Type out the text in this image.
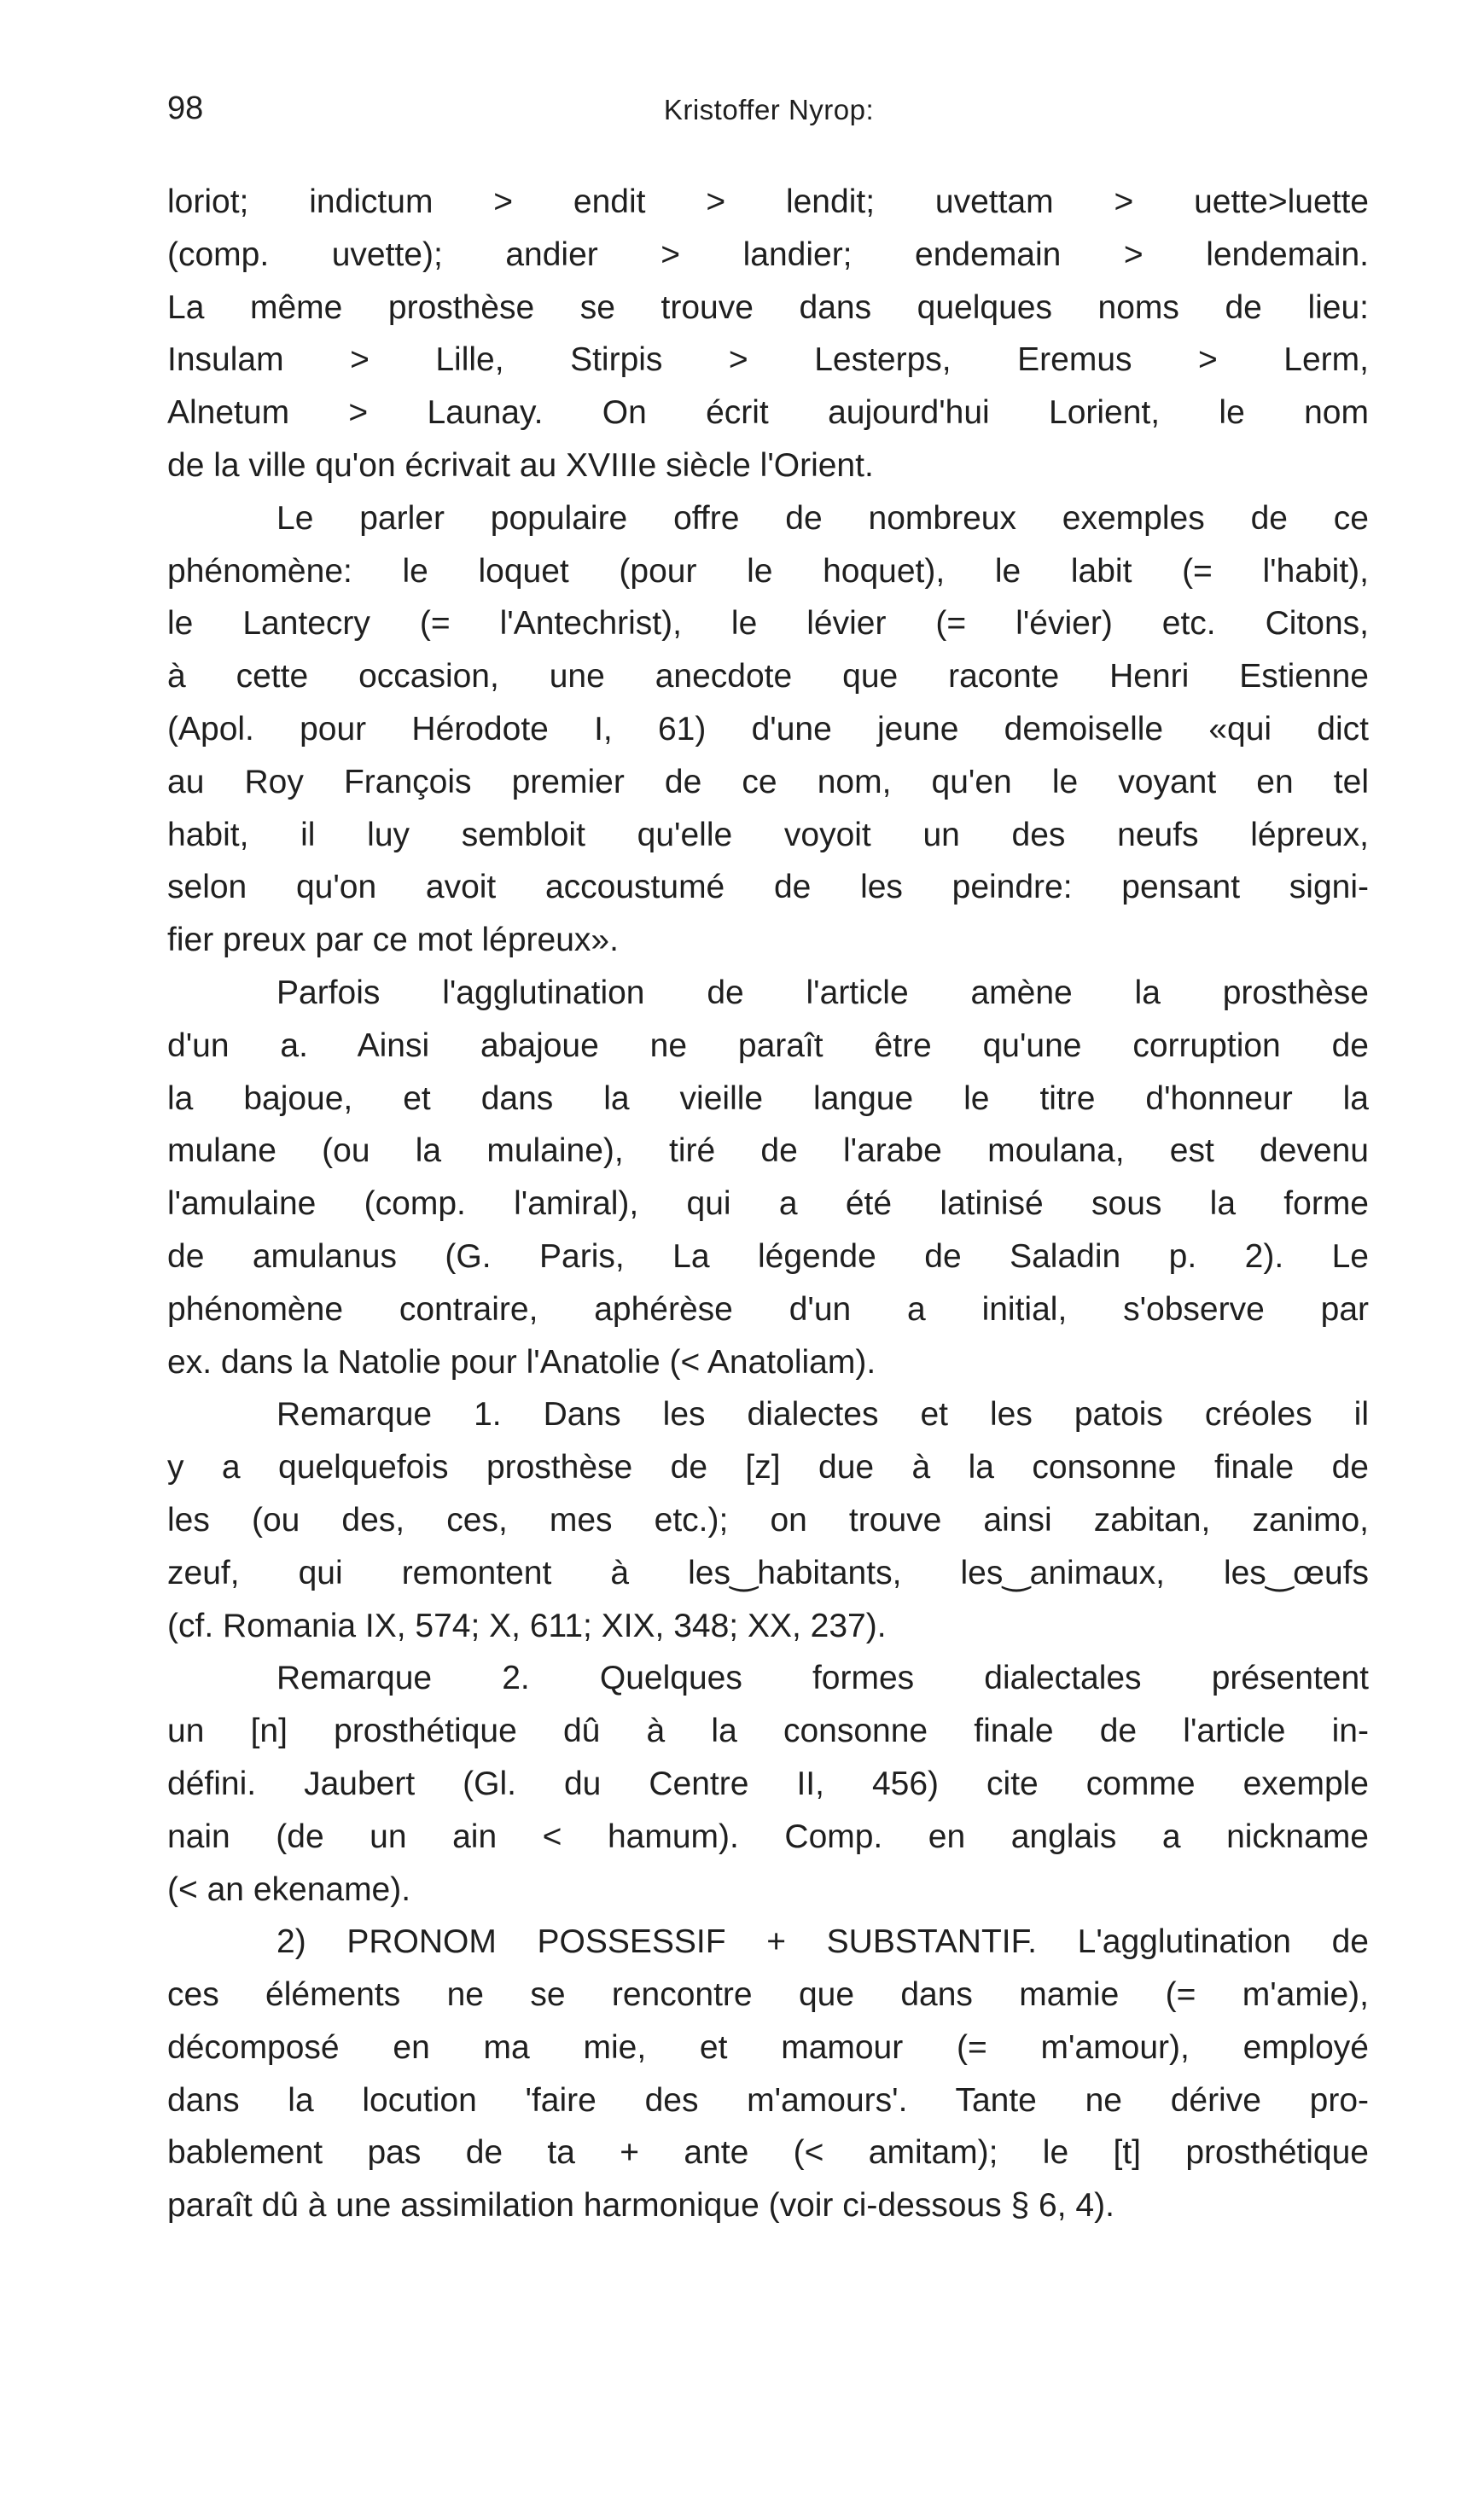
98	Kristoffer Nyrop:
loriot; indictum > endit > lendit; uvettam > uette>luette
(comp. uvette); andier > landier; endemain > lendemain.
La même prosthèse se trouve dans quelques noms de lieu:
Insulam > Lille, Stirpis > Lesterps, Eremus > Lerm,
Alnetum > Launay. On écrit aujourd'hui Lorient, le nom
de la ville qu'on écrivait au XVIIIe siècle l'Orient.
Le parler populaire offre de nombreux exemples de ce
phénomène: le loquet (pour le hoquet), le labit (= l'habit),
le Lantecry (= l'Antechrist), le lévier (= l'évier) etc. Citons,
à cette occasion, une anecdote que raconte Henri Estienne
(Apol. pour Hérodote I, 61) d'une jeune demoiselle «qui dict
au Roy François premier de ce nom, qu'en le voyant en tel
habit, il luy sembloit qu'elle voyoit un des neufs lépreux,
selon qu'on avoit accoustumé de les peindre: pensant signi-
fier preux par ce mot lépreux».
Parfois l'agglutination de l'article amène la prosthèse
d'un a. Ainsi abajoue ne paraît être qu'une corruption de
la bajoue, et dans la vieille langue le titre d'honneur la
mulane (ou la mulaine), tiré de l'arabe moulana, est devenu
l'amulaine (comp. l'amiral), qui a été latinisé sous la forme
de amulanus (G. Paris, La légende de Saladin p. 2). Le
phénomène contraire, aphérèse d'un a initial, s'observe par
ex. dans la Natolie pour l'Anatolie (< Anatoliam).
Remarque 1. Dans les dialectes et les patois créoles il
y a quelquefois prosthèse de [z] due à la consonne finale de
les (ou des, ces, mes etc.); on trouve ainsi zabitan, zanimo,
zeuf, qui remontent à les‿habitants, les‿animaux, les‿œufs
(cf. Romania IX, 574; X, 611; XIX, 348; XX, 237).
Remarque 2. Quelques formes dialectales présentent
un [n] prosthétique dû à la consonne finale de l'article in-
défini. Jaubert (Gl. du Centre II, 456) cite comme exemple
nain (de un ain < hamum). Comp. en anglais a nickname
(< an ekename).
2) PRONOM POSSESSIF + SUBSTANTIF. L'agglutination de
ces éléments ne se rencontre que dans mamie (= m'amie),
décomposé en ma mie, et mamour (= m'amour), employé
dans la locution 'faire des m'amours'. Tante ne dérive pro-
bablement pas de ta + ante (< amitam); le [t] prosthétique
paraît dû à une assimilation harmonique (voir ci-dessous § 6, 4).
